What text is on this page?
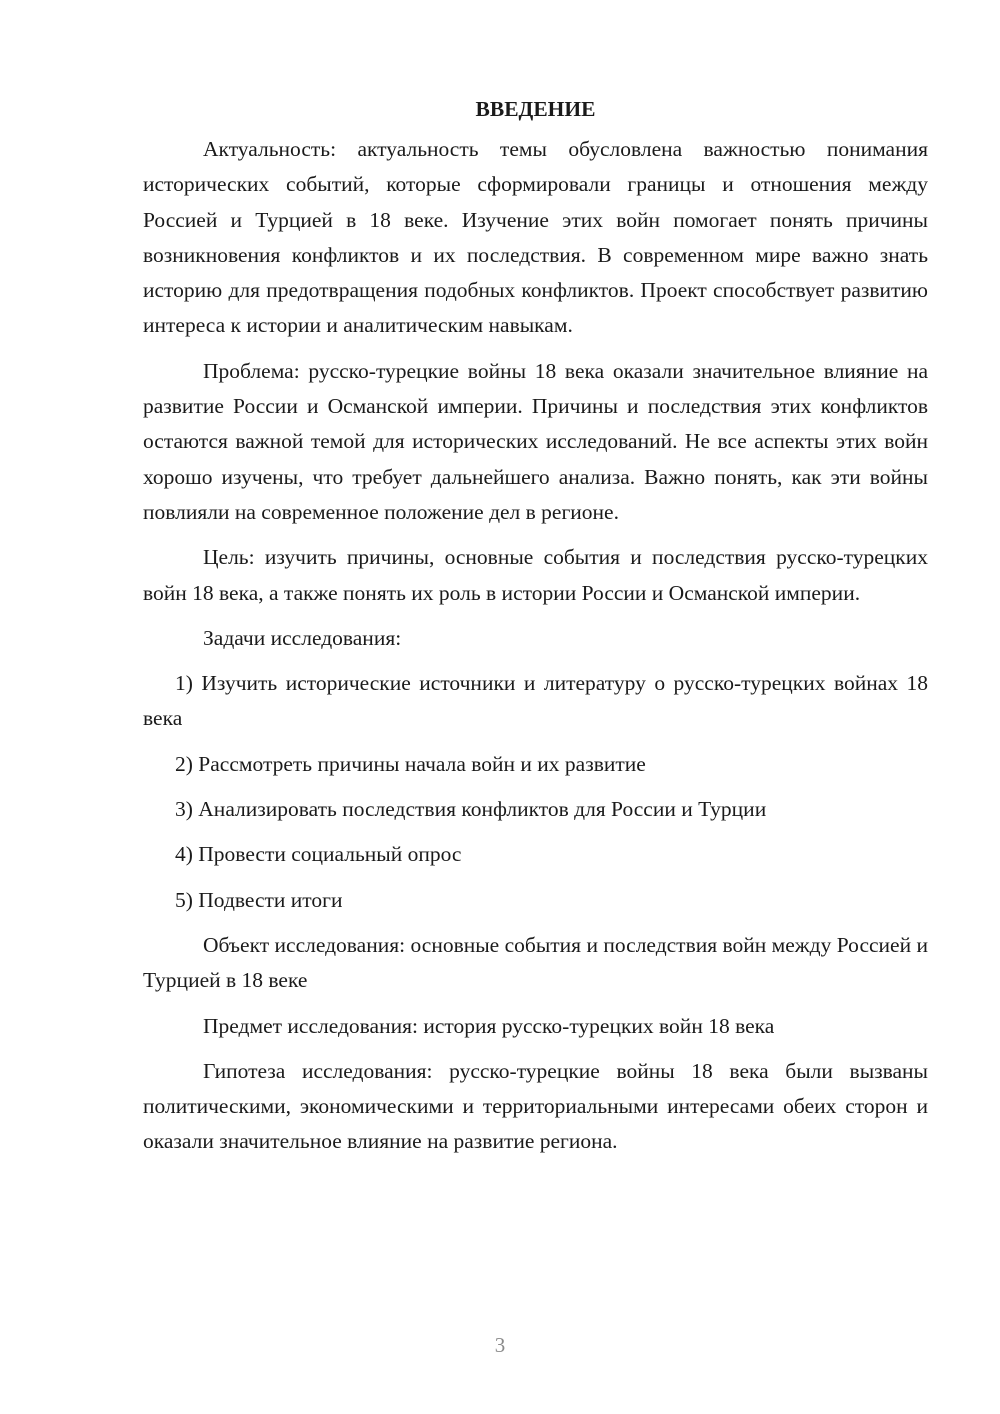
ВВЕДЕНИЕ

Актуальность: актуальность темы обусловлена важностью понимания исторических событий, которые сформировали границы и отношения между Россией и Турцией в 18 веке. Изучение этих войн помогает понять причины возникновения конфликтов и их последствия. В современном мире важно знать историю для предотвращения подобных конфликтов. Проект способствует развитию интереса к истории и аналитическим навыкам.

Проблема: русско-турецкие войны 18 века оказали значительное влияние на развитие России и Османской империи. Причины и последствия этих конфликтов остаются важной темой для исторических исследований. Не все аспекты этих войн хорошо изучены, что требует дальнейшего анализа. Важно понять, как эти войны повлияли на современное положение дел в регионе.

Цель: изучить причины, основные события и последствия русско-турецких войн 18 века, а также понять их роль в истории России и Османской империи.

Задачи исследования:

1) Изучить исторические источники и литературу о русско-турецких войнах 18 века

2) Рассмотреть причины начала войн и их развитие

3) Анализировать последствия конфликтов для России и Турции

4) Провести социальный опрос

5) Подвести итоги

Объект исследования: основные события и последствия войн между Россией и Турцией в 18 веке

Предмет исследования: история русско-турецких войн 18 века

Гипотеза исследования: русско-турецкие войны 18 века были вызваны политическими, экономическими и территориальными интересами обеих сторон и оказали значительное влияние на развитие региона.

3
